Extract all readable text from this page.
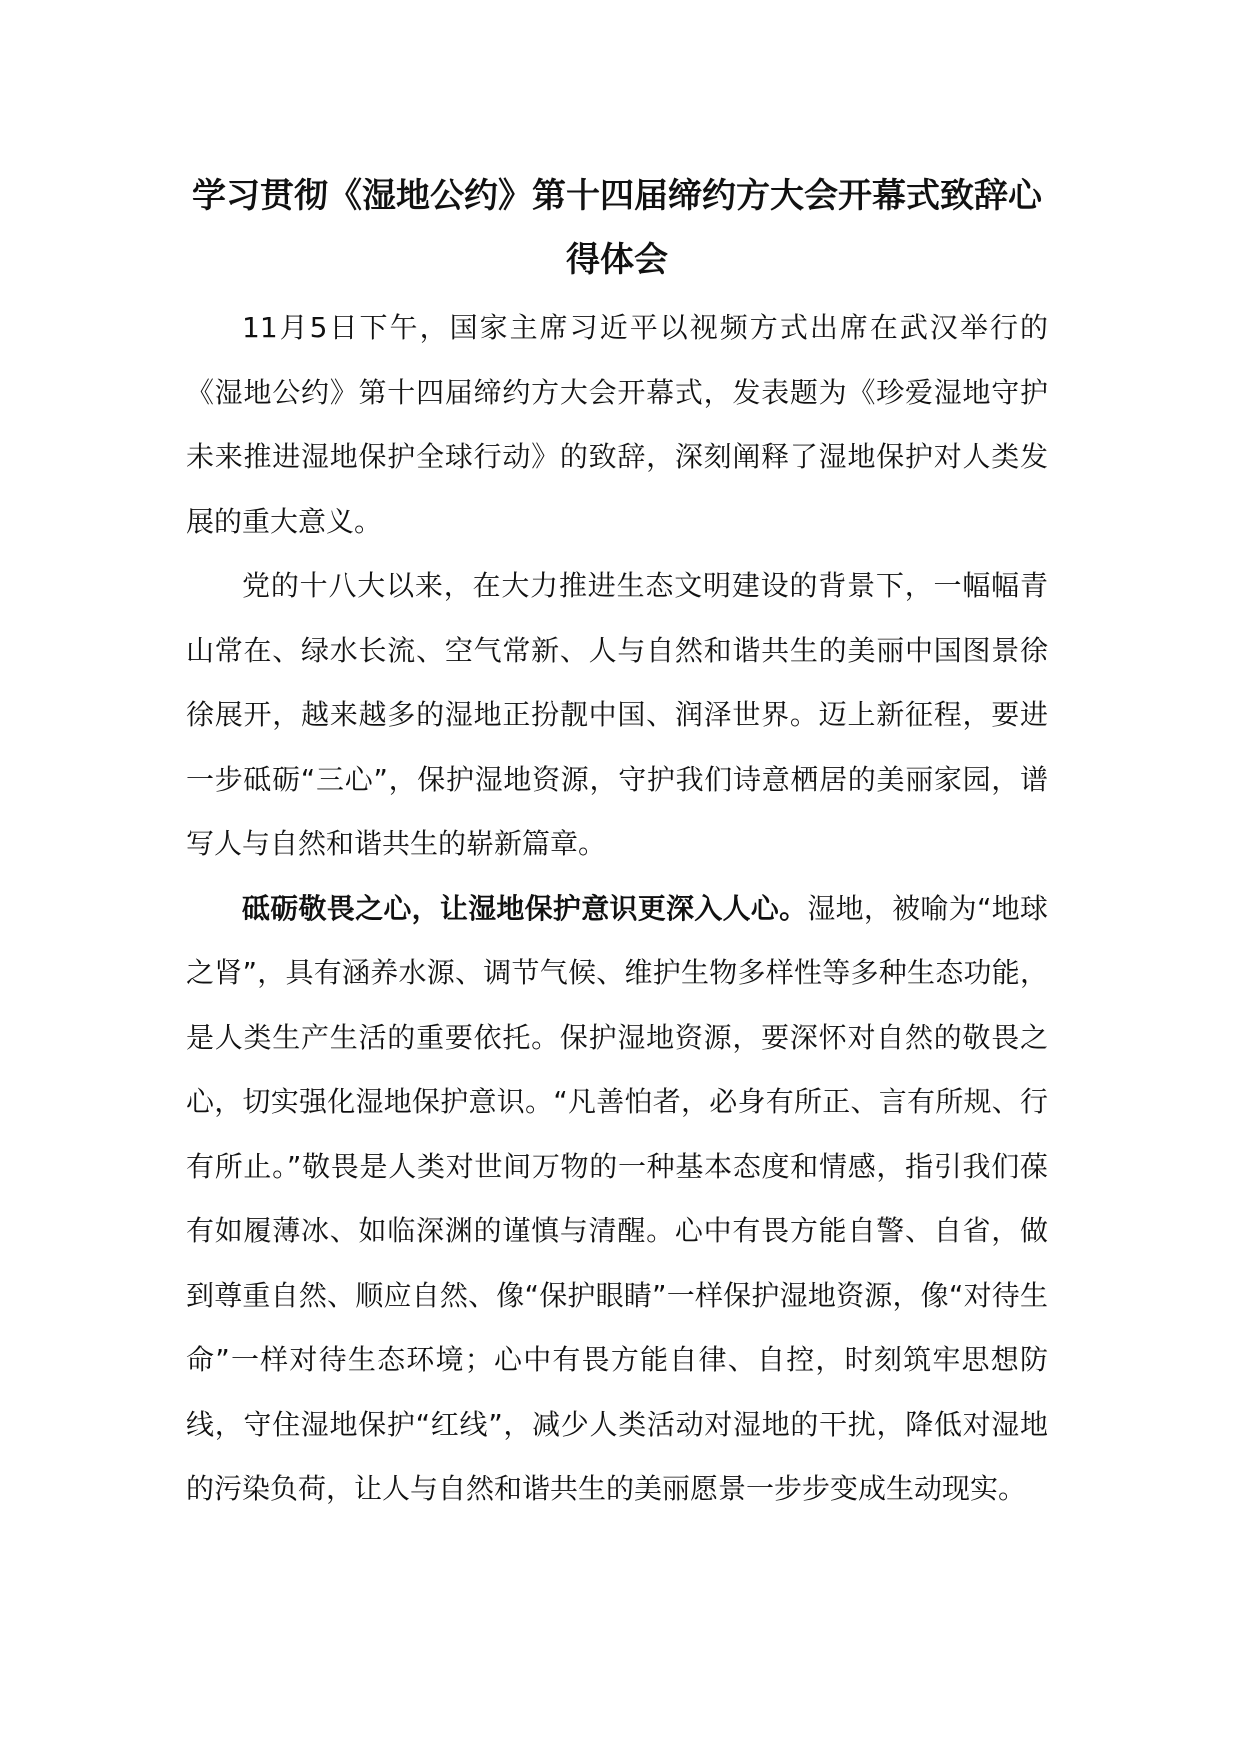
学习贯彻《湿地公约》第十四届缔约方大会开幕式致辞心
得体会

11月5日下午，国家主席习近平以视频方式出席在武汉举行的《湿地公约》第十四届缔约方大会开幕式，发表题为《珍爱湿地守护未来推进湿地保护全球行动》的致辞，深刻阐释了湿地保护对人类发展的重大意义。

党的十八大以来，在大力推进生态文明建设的背景下，一幅幅青山常在、绿水长流、空气常新、人与自然和谐共生的美丽中国图景徐徐展开，越来越多的湿地正扮靓中国、润泽世界。迈上新征程，要进一步砥砺“三心”，保护湿地资源，守护我们诗意栖居的美丽家园，谱写人与自然和谐共生的崭新篇章。

砥砺敬畏之心，让湿地保护意识更深入人心。湿地，被喻为“地球之肾”，具有涵养水源、调节气候、维护生物多样性等多种生态功能，是人类生产生活的重要依托。保护湿地资源，要深怀对自然的敬畏之心，切实强化湿地保护意识。“凡善怕者，必身有所正、言有所规、行有所止。”敬畏是人类对世间万物的一种基本态度和情感，指引我们葆有如履薄冰、如临深渊的谨慎与清醒。心中有畏方能自警、自省，做到尊重自然、顺应自然、像“保护眼睛”一样保护湿地资源，像“对待生命”一样对待生态环境；心中有畏方能自律、自控，时刻筑牢思想防线，守住湿地保护“红线”，减少人类活动对湿地的干扰，降低对湿地的污染负荷，让人与自然和谐共生的美丽愿景一步步变成生动现实。
